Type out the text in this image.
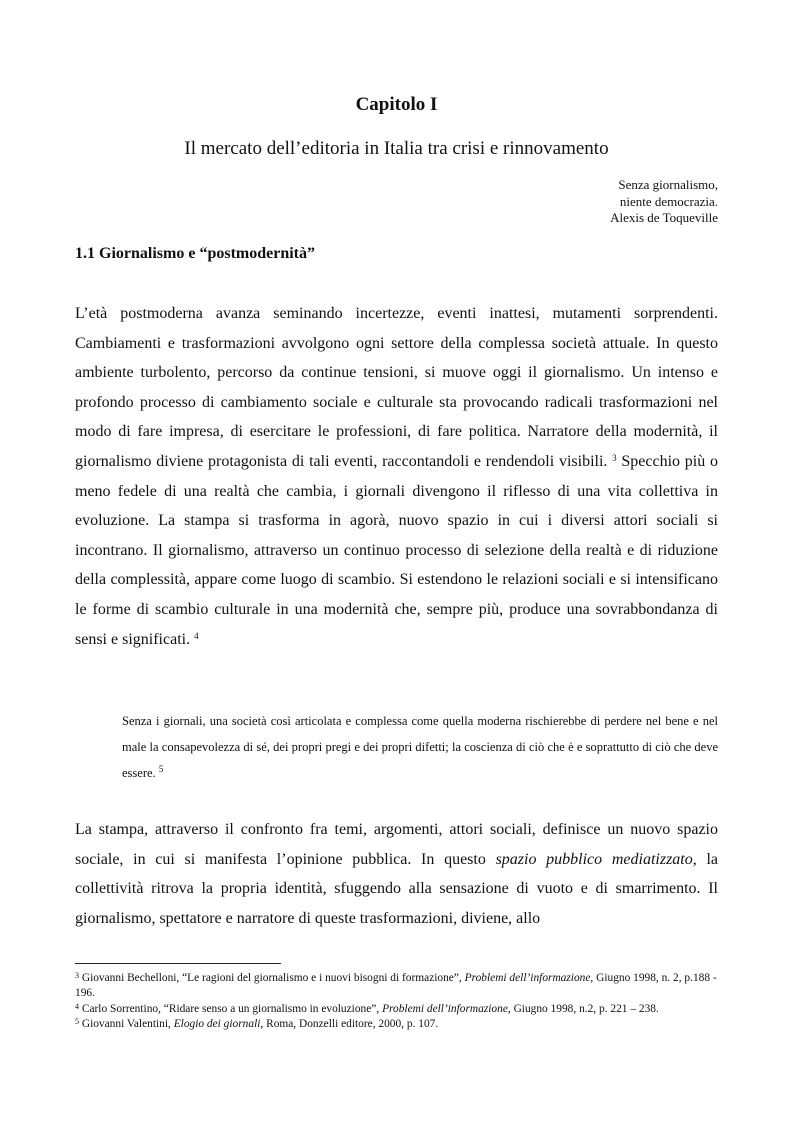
Capitolo I
Il mercato dell’editoria in Italia tra crisi e rinnovamento
Senza giornalismo,
niente democrazia.
Alexis de Toqueville
1.1 Giornalismo e “postmodernità”

L’età postmoderna avanza seminando incertezze, eventi inattesi, mutamenti sorprendenti. Cambiamenti e trasformazioni avvolgono ogni settore della complessa società attuale. In questo ambiente turbolento, percorso da continue tensioni, si muove oggi il giornalismo. Un intenso e profondo processo di cambiamento sociale e culturale sta provocando radicali trasformazioni nel modo di fare impresa, di esercitare le professioni, di fare politica. Narratore della modernità, il giornalismo diviene protagonista di tali eventi, raccontandoli e rendendoli visibili. $^3$ Specchio più o meno fedele di una realtà che cambia, i giornali divengono il riflesso di una vita collettiva in evoluzione. La stampa si trasforma in agorà, nuovo spazio in cui i diversi attori sociali si incontrano. Il giornalismo, attraverso un continuo processo di selezione della realtà e di riduzione della complessità, appare come luogo di scambio. Si estendono le relazioni sociali e si intensificano le forme di scambio culturale in una modernità che, sempre più, produce una sovrabbondanza di sensi e significati. $^4$

Senza i giornali, una società così articolata e complessa come quella moderna rischierebbe di perdere nel bene e nel male la consapevolezza di sé, dei propri pregi e dei propri difetti; la coscienza di ciò che è e soprattutto di ciò che deve essere. $^5$

La stampa, attraverso il confronto fra temi, argomenti, attori sociali, definisce un nuovo spazio sociale, in cui si manifesta l’opinione pubblica. In questo spazio pubblico mediatizzato, la collettività ritrova la propria identità, sfuggendo alla sensazione di vuoto e di smarrimento. Il giornalismo, spettatore e narratore di queste trasformazioni, diviene, allo

$^3$ Giovanni Bechelloni, “Le ragioni del giornalismo e i nuovi bisogni di formazione”, Problemi dell’informazione, Giugno 1998, n. 2, p.188 - 196.

$^4$ Carlo Sorrentino, “Ridare senso a un giornalismo in evoluzione”, Problemi dell’informazione, Giugno 1998, n.2, p. 221 – 238.

$^5$ Giovanni Valentini, Elogio dei giornali, Roma, Donzelli editore, 2000, p. 107.
